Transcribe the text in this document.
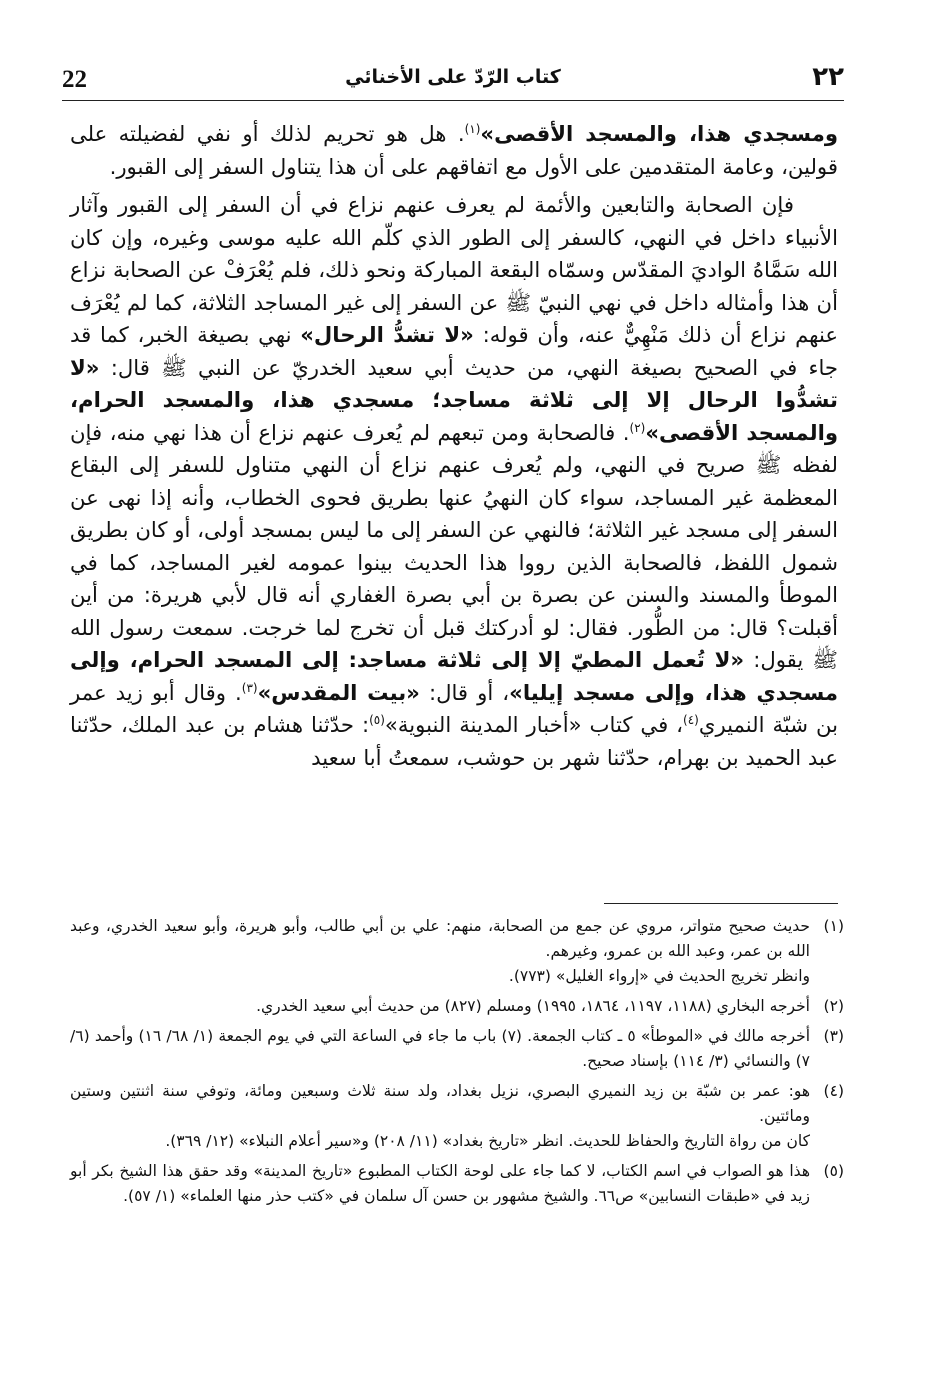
22	كتاب الرّدّ على الأخنائي	٢٢

ومسجدي هذا، والمسجد الأقصى»$^{(١)}$. هل هو تحريم لذلك أو نفي لفضيلته على قولين، وعامة المتقدمين على الأول مع اتفاقهم على أن هذا يتناول السفر إلى القبور.

فإن الصحابة والتابعين والأئمة لم يعرف عنهم نزاع في أن السفر إلى القبور وآثار الأنبياء داخل في النهي، كالسفر إلى الطور الذي كلّم الله عليه موسى وغيره، وإن كان الله سَمَّاهُ الواديَ المقدّس وسمّاه البقعة المباركة ونحو ذلك، فلم يُعْرَفْ عن الصحابة نزاع أن هذا وأمثاله داخل في نهي النبيّ ﷺ عن السفر إلى غير المساجد الثلاثة، كما لم يُعْرَف عنهم نزاع أن ذلك مَنْهِيٌّ عنه، وأن قوله: «لا تشدُّ الرحال» نهي بصيغة الخبر، كما قد جاء في الصحيح بصيغة النهي، من حديث أبي سعيد الخدريّ عن النبي ﷺ قال: «لا تشدُّوا الرحال إلا إلى ثلاثة مساجد؛ مسجدي هذا، والمسجد الحرام، والمسجد الأقصى»$^{(٢)}$. فالصحابة ومن تبعهم لم يُعرف عنهم نزاع أن هذا نهي منه، فإن لفظه ﷺ صريح في النهي، ولم يُعرف عنهم نزاع أن النهي متناول للسفر إلى البقاع المعظمة غير المساجد، سواء كان النهيُ عنها بطريق فحوى الخطاب، وأنه إذا نهى عن السفر إلى مسجد غير الثلاثة؛ فالنهي عن السفر إلى ما ليس بمسجد أولى، أو كان بطريق شمول اللفظ، فالصحابة الذين رووا هذا الحديث بينوا عمومه لغير المساجد، كما في الموطأ والمسند والسنن عن بصرة بن أبي بصرة الغفاري أنه قال لأبي هريرة: من أين أقبلت؟ قال: من الطُّور. فقال: لو أدركتك قبل أن تخرج لما خرجت. سمعت رسول الله ﷺ يقول: «لا تُعمل المطيّ إلا إلى ثلاثة مساجد: إلى المسجد الحرام، وإلى مسجدي هذا، وإلى مسجد إيليا»، أو قال: «بيت المقدس»$^{(٣)}$. وقال أبو زيد عمر بن شبّة النميري$^{(٤)}$، في كتاب «أخبار المدينة النبوية»$^{(٥)}$: حدّثنا هشام بن عبد الملك، حدّثنا عبد الحميد بن بهرام، حدّثنا شهر بن حوشب، سمعتُ أبا سعيد

(١)
حديث صحيح متواتر، مروي عن جمع من الصحابة، منهم: علي بن أبي طالب، وأبو هريرة، وأبو سعيد الخدري، وعبد الله بن عمر، وعبد الله بن عمرو، وغيرهم.
وانظر تخريج الحديث في «إرواء الغليل» (٧٧٣).
(٢)
أخرجه البخاري (١١٨٨، ١١٩٧، ١٨٦٤، ١٩٩٥) ومسلم (٨٢٧) من حديث أبي سعيد الخدري.
(٣)
أخرجه مالك في «الموطأ» ٥ ـ كتاب الجمعة. (٧) باب ما جاء في الساعة التي في يوم الجمعة (١/ ٦٨/ ١٦) وأحمد (٦/ ٧) والنسائي (٣/ ١١٤) بإسناد صحيح.
(٤)
هو: عمر بن شبّة بن زيد النميري البصري، نزيل بغداد، ولد سنة ثلاث وسبعين ومائة، وتوفي سنة اثنتين وستين ومائتين.
كان من رواة التاريخ والحفاظ للحديث. انظر «تاريخ بغداد» (١١/ ٢٠٨) و«سير أعلام النبلاء» (١٢/ ٣٦٩).
(٥)
هذا هو الصواب في اسم الكتاب، لا كما جاء على لوحة الكتاب المطبوع «تاريخ المدينة» وقد حقق هذا الشيخ بكر أبو زيد في «طبقات النسابين» ص٦٦. والشيخ مشهور بن حسن آل سلمان في «كتب حذر منها العلماء» (١/ ٥٧).
